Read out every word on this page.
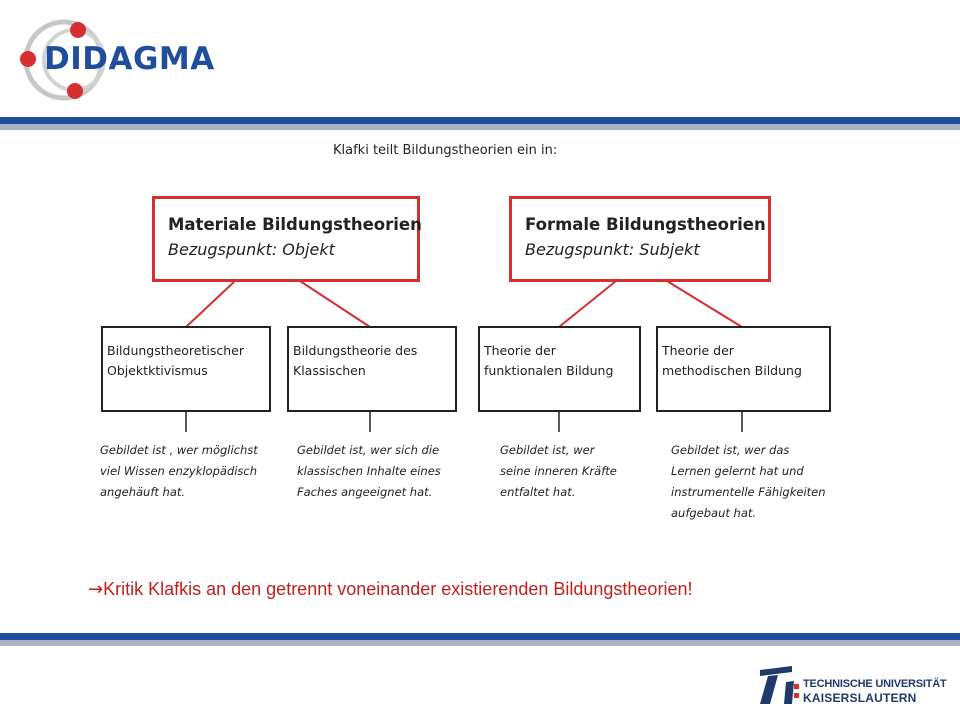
DIDAGMA
Klafki teilt Bildungstheorien ein in:
Materiale Bildungstheorien
Bezugspunkt: Objekt
Formale Bildungstheorien
Bezugspunkt: Subjekt
Bildungstheoretischer
Objektktivismus
Bildungstheorie des
Klassischen
Theorie der
funktionalen Bildung
Theorie der
methodischen Bildung
Gebildet ist , wer möglichst
viel Wissen enzyklopädisch
angehäuft hat.
Gebildet ist, wer sich die
klassischen Inhalte eines
Faches angeeignet hat.
Gebildet ist, wer
seine inneren Kräfte
entfaltet hat.
Gebildet ist, wer das
Lernen gelernt hat und
instrumentelle Fähigkeiten
aufgebaut hat.
→Kritik Klafkis an den getrennt voneinander existierenden Bildungstheorien!
TECHNISCHE UNIVERSITÄT
KAISERSLAUTERN
